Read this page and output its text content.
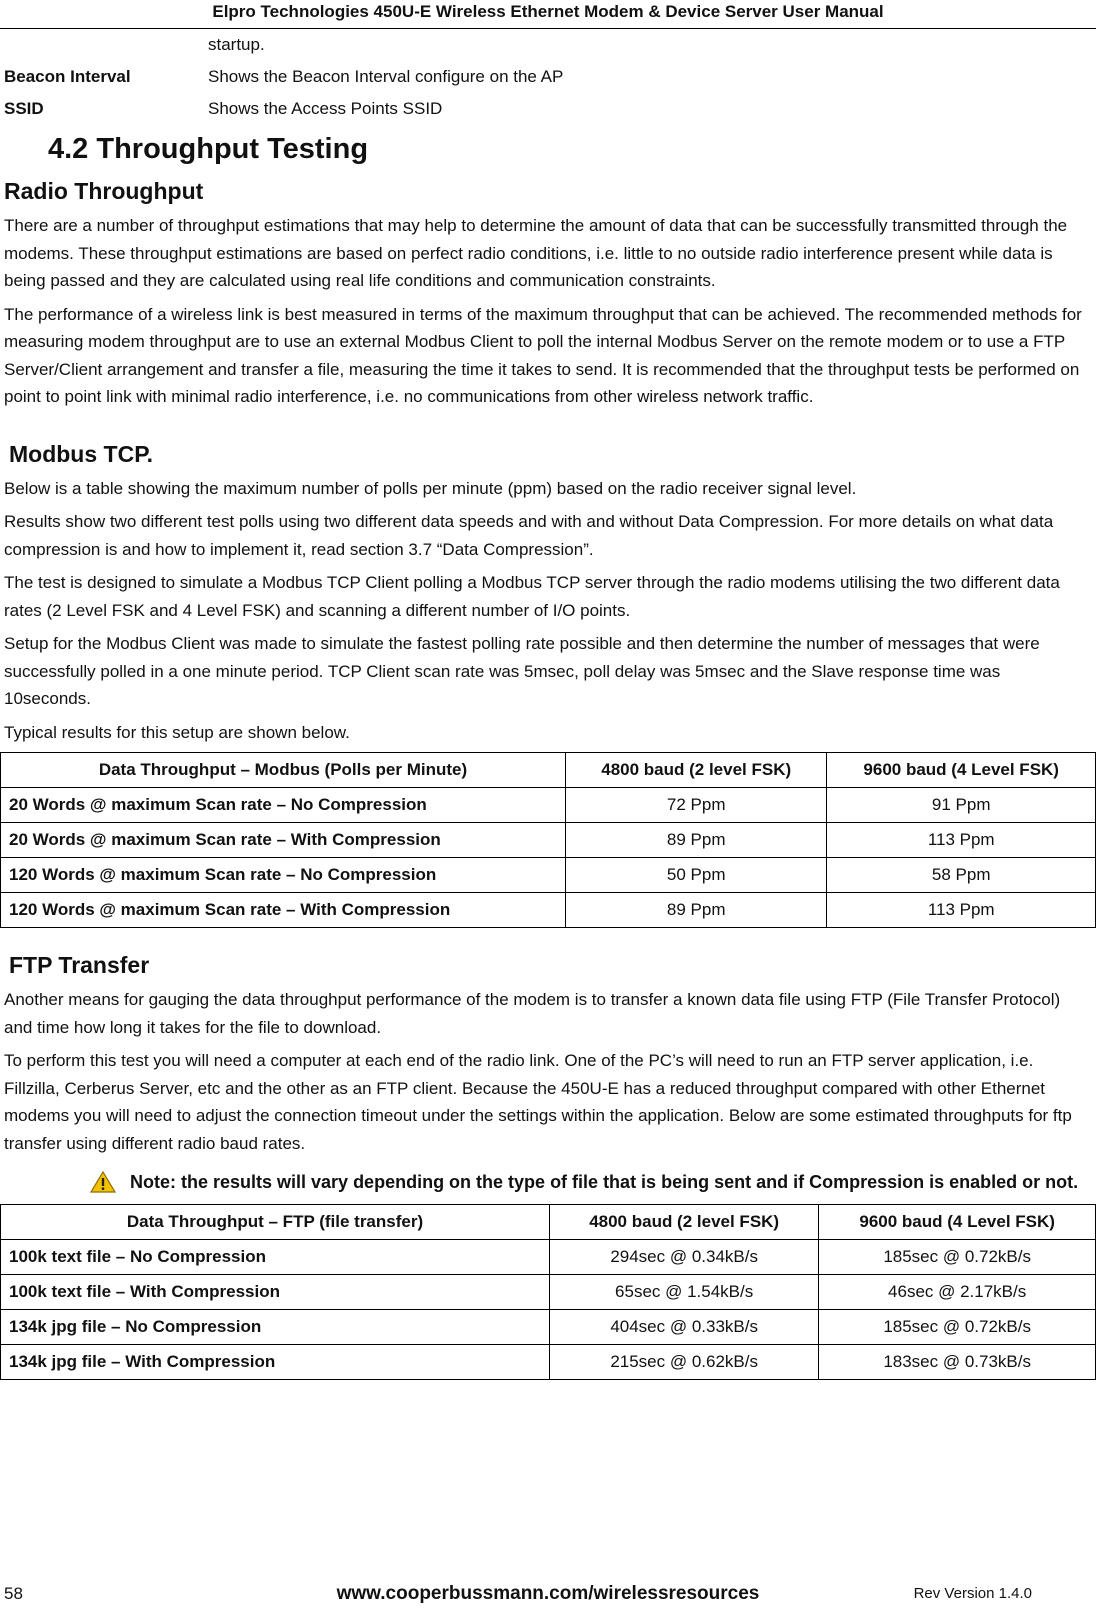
Elpro Technologies 450U-E Wireless Ethernet Modem & Device Server User Manual
startup.
Beacon Interval	Shows the Beacon Interval configure on the AP
SSID	Shows the Access Points SSID
4.2 Throughput Testing
Radio Throughput

There are a number of throughput estimations that may help to determine the amount of data that can be successfully transmitted through the modems. These throughput estimations are based on perfect radio conditions, i.e. little to no outside radio interference present while data is being passed and they are calculated using real life conditions and communication constraints.

The performance of a wireless link is best measured in terms of the maximum throughput that can be achieved. The recommended methods for measuring modem throughput are to use an external Modbus Client to poll the internal Modbus Server on the remote modem or to use a FTP Server/Client arrangement and transfer a file, measuring the time it takes to send. It is recommended that the throughput tests be performed on point to point link with minimal radio interference, i.e. no communications from other wireless network traffic.

Modbus TCP.

Below is a table showing the maximum number of polls per minute (ppm) based on the radio receiver signal level.

Results show two different test polls using two different data speeds and with and without Data Compression. For more details on what data compression is and how to implement it, read section 3.7 “Data Compression”.

The test is designed to simulate a Modbus TCP Client polling a Modbus TCP server through the radio modems utilising the two different data rates (2 Level FSK and 4 Level FSK) and scanning a different number of I/O points.

Setup for the Modbus Client was made to simulate the fastest polling rate possible and then determine the number of messages that were successfully polled in a one minute period. TCP Client scan rate was 5msec, poll delay was 5msec and the Slave response time was 10seconds.

Typical results for this setup are shown below.

Data Throughput – Modbus (Polls per Minute)	4800 baud (2 level FSK)	9600 baud (4 Level FSK)
20 Words @ maximum Scan rate – No Compression	72 Ppm	91 Ppm
20 Words @ maximum Scan rate – With Compression	89 Ppm	113 Ppm
120 Words @ maximum Scan rate – No Compression	50 Ppm	58 Ppm
120 Words @ maximum Scan rate – With Compression	89 Ppm	113 Ppm
FTP Transfer

Another means for gauging the data throughput performance of the modem is to transfer a known data file using FTP (File Transfer Protocol) and time how long it takes for the file to download.

To perform this test you will need a computer at each end of the radio link. One of the PC’s will need to run an FTP server application, i.e. Fillzilla, Cerberus Server, etc and the other as an FTP client. Because the 450U-E has a reduced throughput compared with other Ethernet modems you will need to adjust the connection timeout under the settings within the application. Below are some estimated throughputs for ftp transfer using different radio baud rates.

Note: the results will vary depending on the type of file that is being sent and if Compression is enabled or not.
Data Throughput – FTP (file transfer)	4800 baud (2 level FSK)	9600 baud (4 Level FSK)
100k text file – No Compression	294sec @ 0.34kB/s	185sec @ 0.72kB/s
100k text file – With Compression	65sec @ 1.54kB/s	46sec @ 2.17kB/s
134k jpg file – No Compression	404sec @ 0.33kB/s	185sec @ 0.72kB/s
134k jpg file – With Compression	215sec @ 0.62kB/s	183sec @ 0.73kB/s
58	www.cooperbussmann.com/wirelessresources	Rev Version 1.4.0
